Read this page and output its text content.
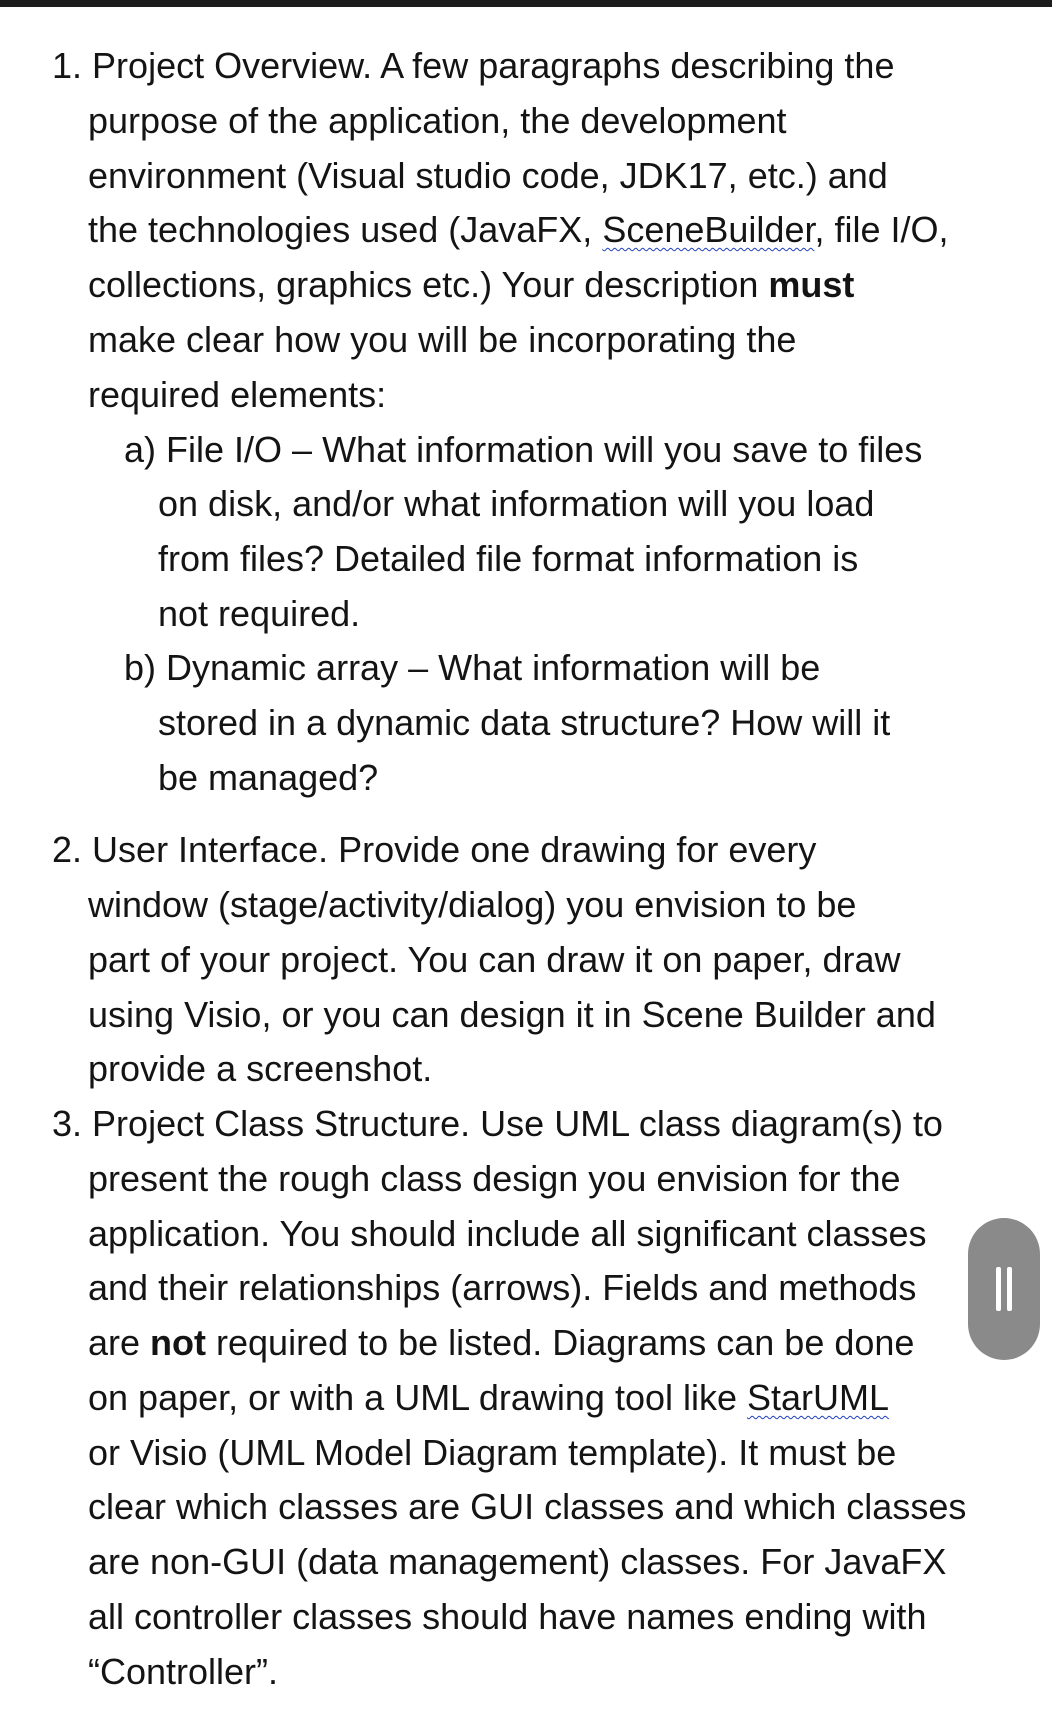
1. Project Overview. A few paragraphs describing the
purpose of the application, the development
environment (Visual studio code, JDK17, etc.) and
the technologies used (JavaFX, SceneBuilder, file I/O,
collections, graphics etc.) Your description must
make clear how you will be incorporating the
required elements:
a) File I/O – What information will you save to files
on disk, and/or what information will you load
from files? Detailed file format information is
not required.
b) Dynamic array – What information will be
stored in a dynamic data structure? How will it
be managed?
2. User Interface. Provide one drawing for every
window (stage/activity/dialog) you envision to be
part of your project. You can draw it on paper, draw
using Visio, or you can design it in Scene Builder and
provide a screenshot.
3. Project Class Structure. Use UML class diagram(s) to
present the rough class design you envision for the
application. You should include all significant classes
and their relationships (arrows). Fields and methods
are not required to be listed. Diagrams can be done
on paper, or with a UML drawing tool like StarUML
or Visio (UML Model Diagram template). It must be
clear which classes are GUI classes and which classes
are non-GUI (data management) classes. For JavaFX
all controller classes should have names ending with
“Controller”.
